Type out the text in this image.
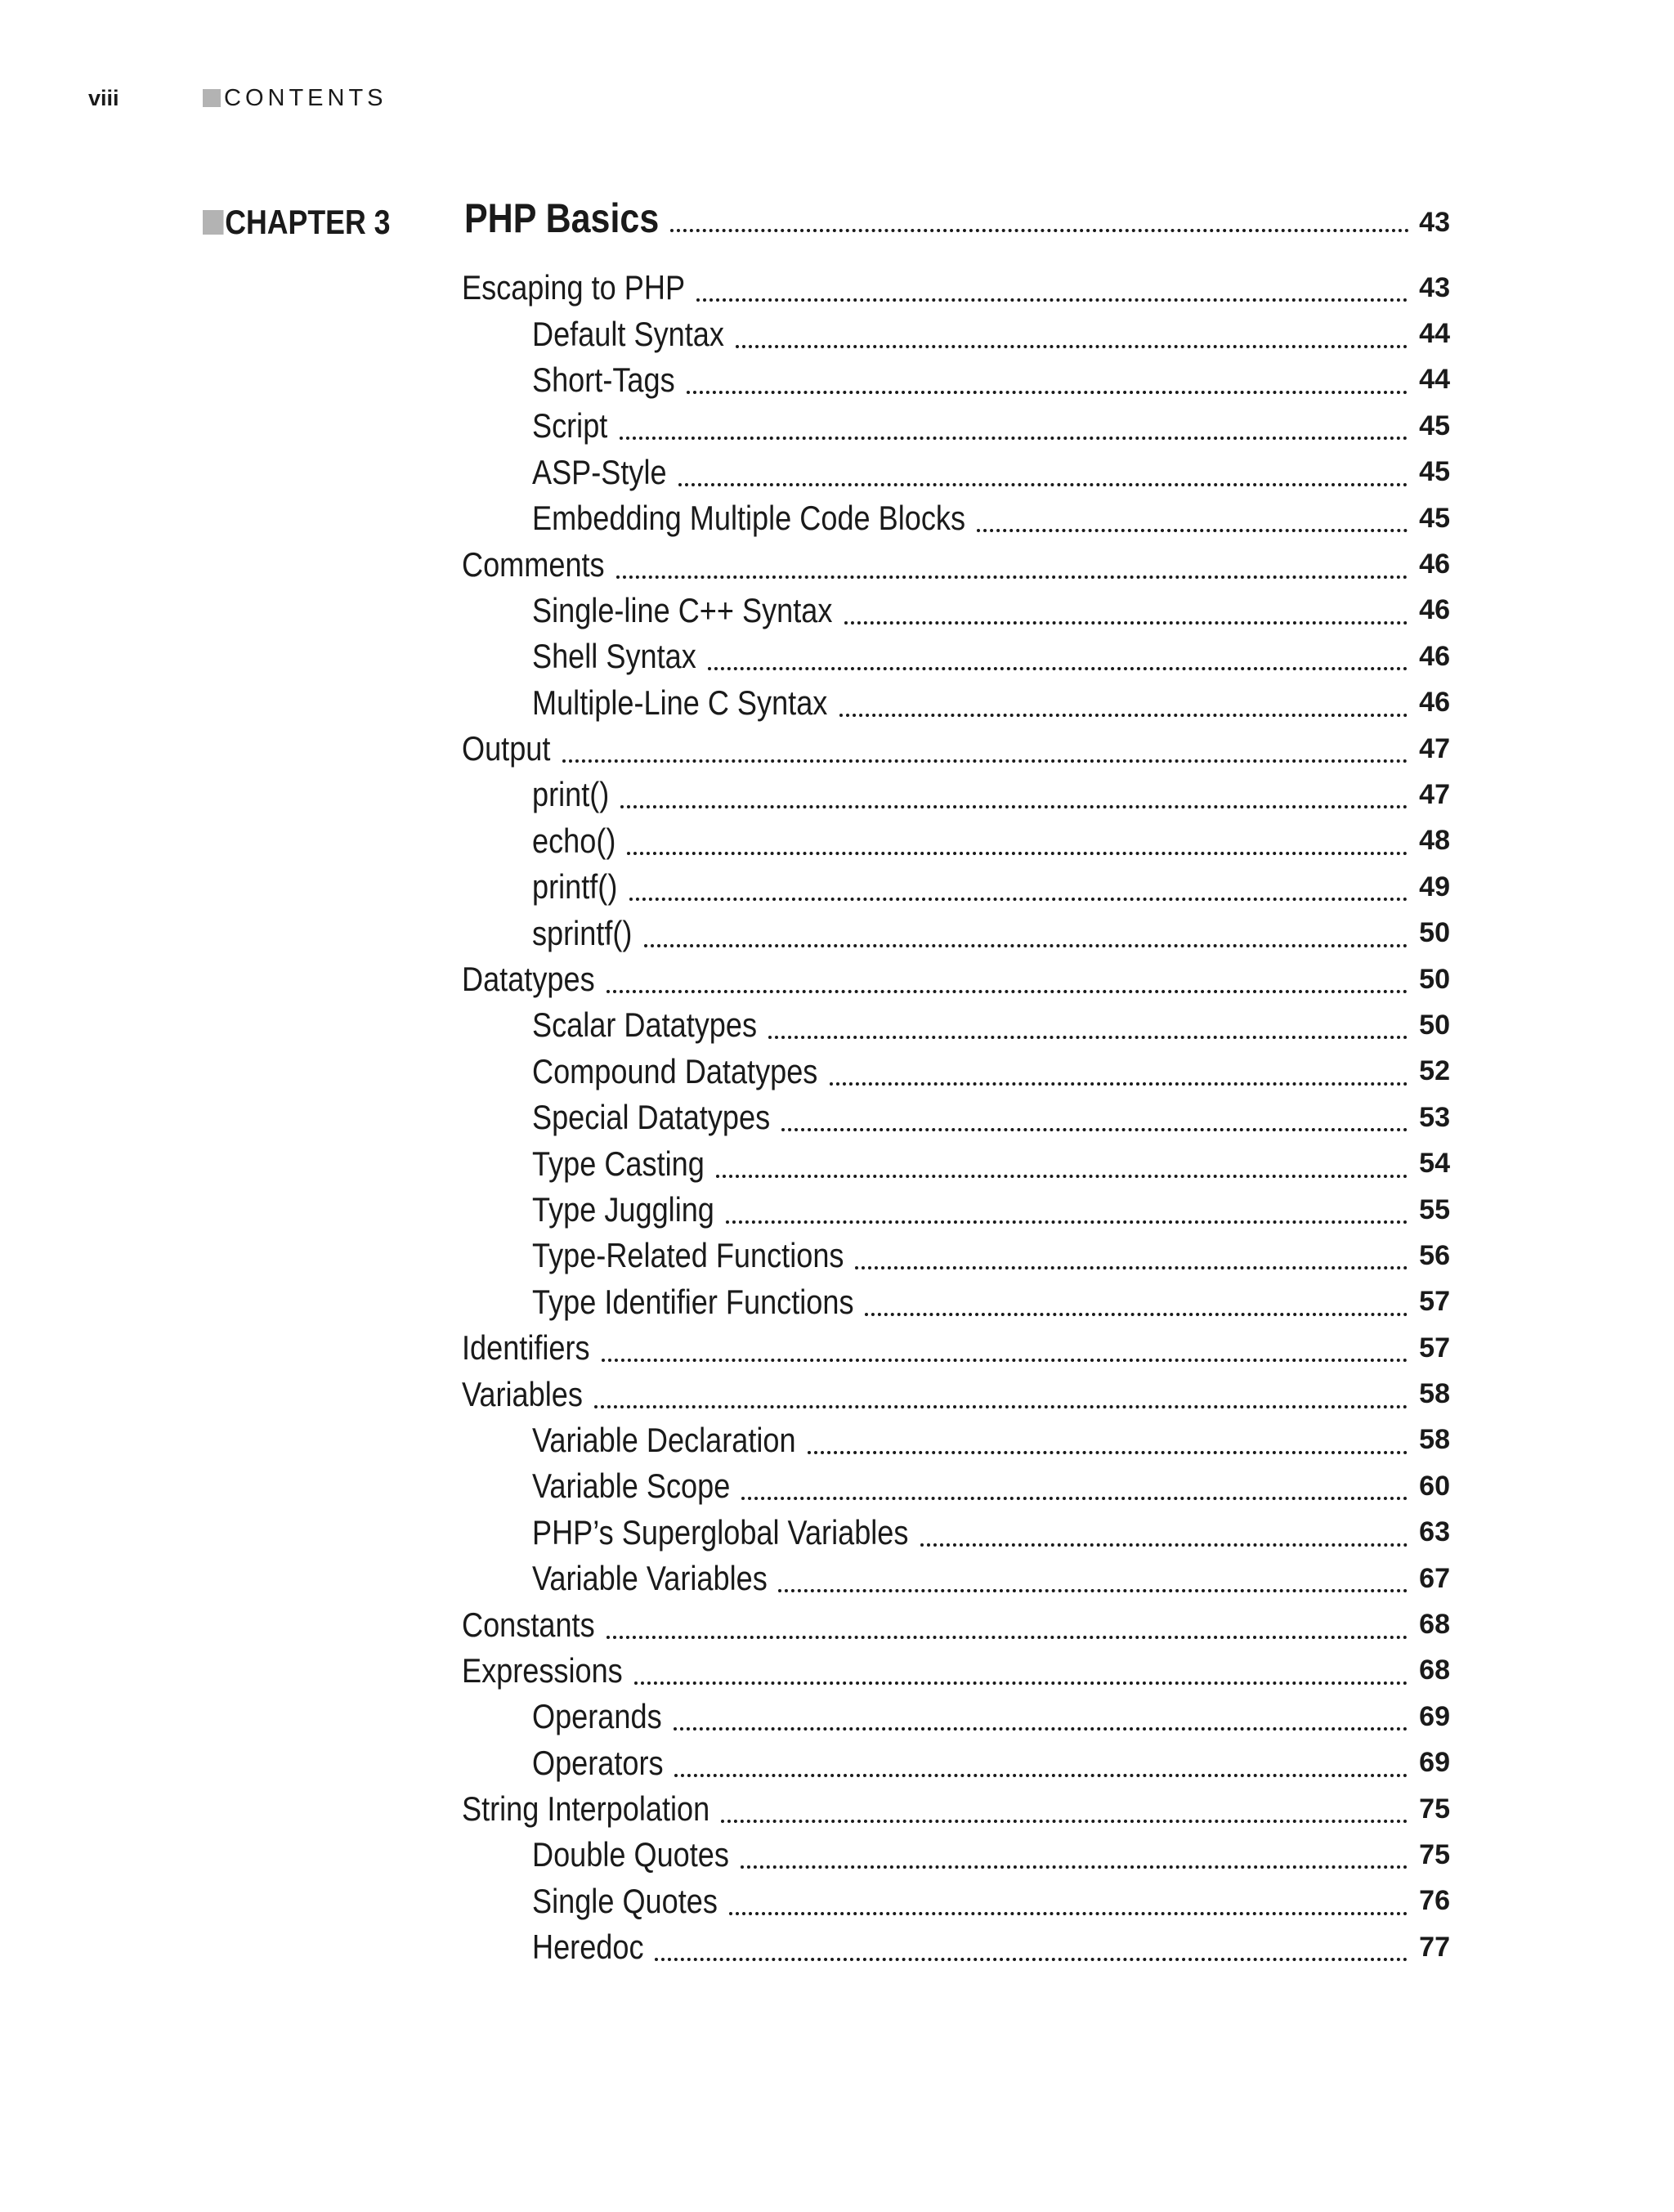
viii	CONTENTS
CHAPTER 3 PHP Basics	43
Escaping to PHP	43
Default Syntax	44
Short-Tags	44
Script	45
ASP-Style	45
Embedding Multiple Code Blocks	45
Comments	46
Single-line C++ Syntax	46
Shell Syntax	46
Multiple-Line C Syntax	46
Output	47
print()	47
echo()	48
printf()	49
sprintf()	50
Datatypes	50
Scalar Datatypes	50
Compound Datatypes	52
Special Datatypes	53
Type Casting	54
Type Juggling	55
Type-Related Functions	56
Type Identifier Functions	57
Identifiers	57
Variables	58
Variable Declaration	58
Variable Scope	60
PHP’s Superglobal Variables	63
Variable Variables	67
Constants	68
Expressions	68
Operands	69
Operators	69
String Interpolation	75
Double Quotes	75
Single Quotes	76
Heredoc	77
